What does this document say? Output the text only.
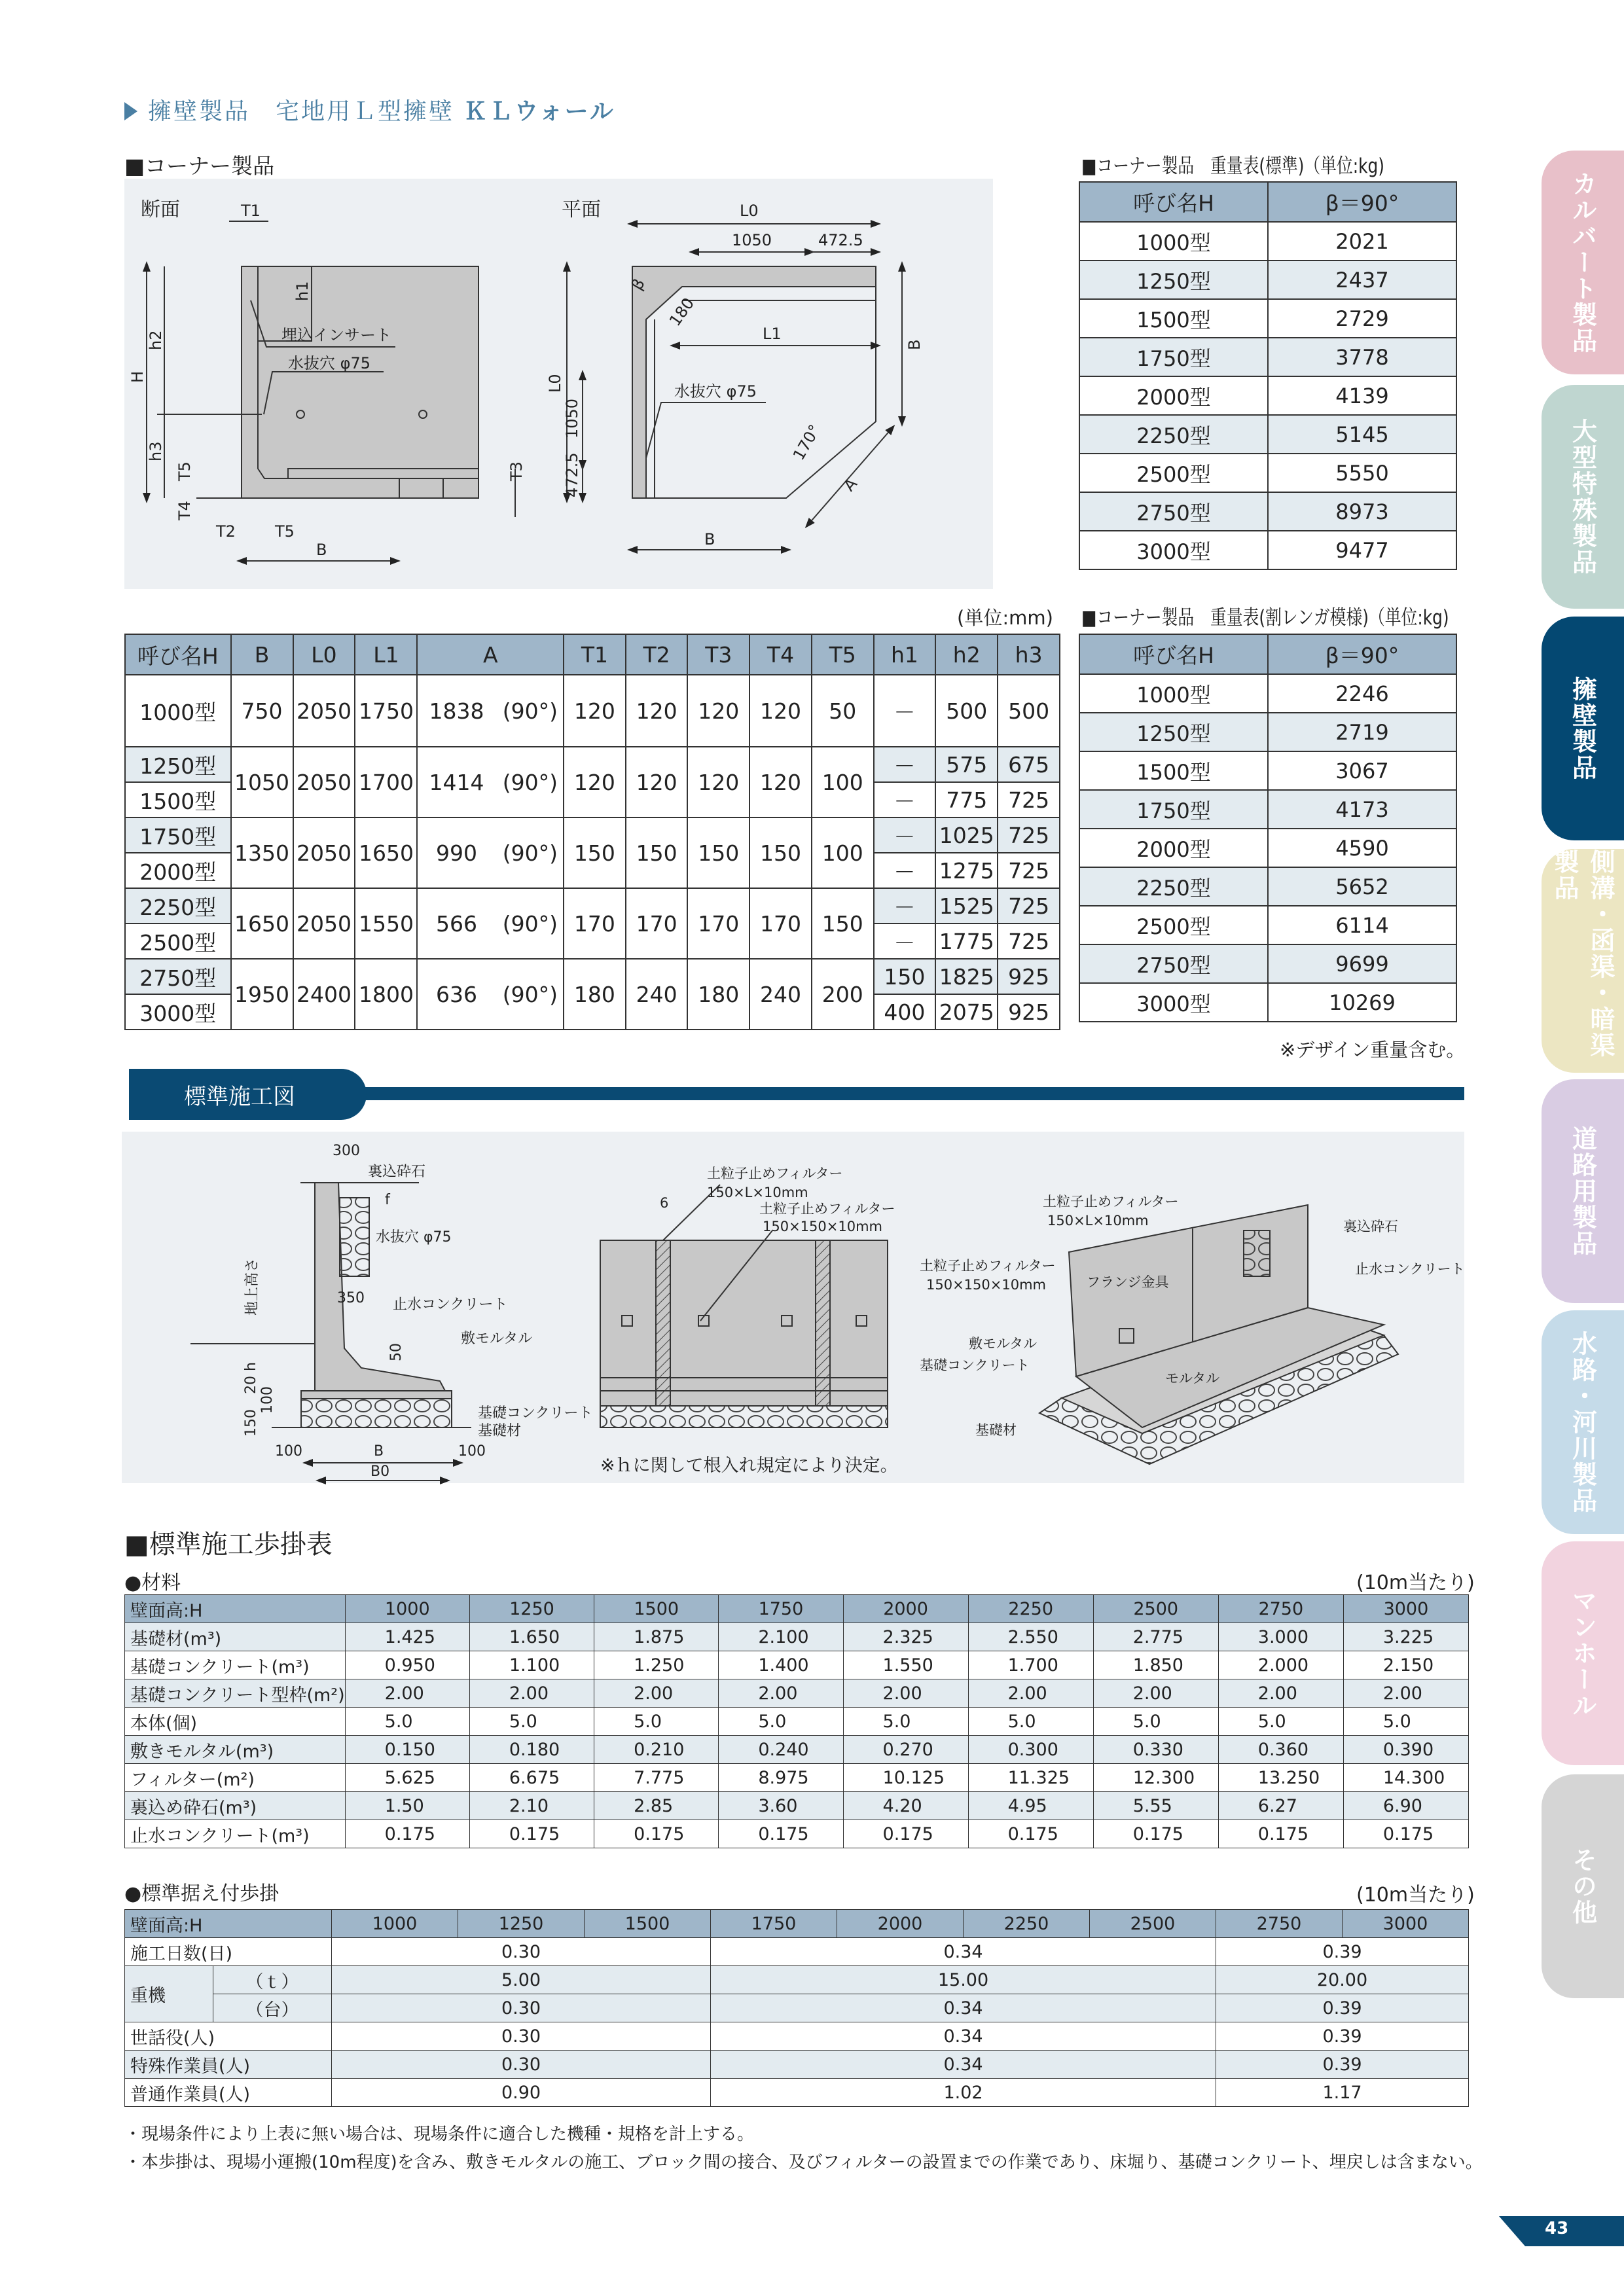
擁壁製品　宅地用Ｌ型擁壁 ＫＬウォール
■コーナー製品	■コーナー製品　重量表(標準)（単位:kg)
呼び名H	β＝90°
1000型	2021
1250型	2437
1500型	2729
1750型	3778
2000型	4139
2250型	5145
2500型	5550
2750型	8973
3000型	9477
(単位:mm) ■コーナー製品　重量表(割レンガ模様)（単位:kg)
呼び名H	B	L0	L1	A	T1	T2	T3	T4	T5	h1	h2	h3
1000型	750	2050	1750	1838 (90°)	120	120	120	120	50	－	500	500
1250型	1050	2050	1700	1414 (90°)	120	120	120	120	100	－	575	675
1500型										－	775	725
1750型	1350	2050	1650	990 (90°)	150	150	150	150	100	－	1025	725
2000型										－	1275	725
2250型	1650	2050	1550	566 (90°)	170	170	170	170	150	－	1525	725
2500型										－	1775	725
2750型	1950	2400	1800	636 (90°)	180	240	180	240	200	150	1825	925
3000型										400	2075	925
呼び名H	β＝90°
1000型	2246
1250型	2719
1500型	3067
1750型	4173
2000型	4590
2250型	5652
2500型	6114
2750型	9699
3000型	10269
※デザイン重量含む。
標準施工図
断面	T1
h1
埋込インサート
水抜穴 φ75
H
h2
h3
T5
T4
T3
T2	T5
B
平面	L0
1050	472.5
L1
B
L0
1050
472.5
水抜穴 φ75
170°
A
B
β
180
300
裏込砕石
水抜穴 φ75
地上高さ	350 止水コンクリート
50
敷モルタル
20 h
100
150	基礎コンクリート
基礎材
100	B	100
B0
f
土粒子止めフィルター
150×L×10mm
6	土粒子止めフィルター
150×150×10mm
※ｈに関して根入れ規定により決定。
土粒子止めフィルター
150×L×10mm	裏込砕石
止水コンクリート
土粒子止めフィルター
150×150×10mm	フランジ金具
敷モルタル
基礎コンクリート
モルタル
基礎材
■標準施工歩掛表
●材料	(10m当たり)
壁面高:H	1000	1250	1500	1750	2000	2250	2500	2750	3000
基礎材(m³)	1.425	1.650	1.875	2.100	2.325	2.550	2.775	3.000	3.225
基礎コンクリート(m³)	0.950	1.100	1.250	1.400	1.550	1.700	1.850	2.000	2.150
基礎コンクリート型枠(m²)	2.00	2.00	2.00	2.00	2.00	2.00	2.00	2.00	2.00
本体(個)	5.0	5.0	5.0	5.0	5.0	5.0	5.0	5.0	5.0
敷きモルタル(m³)	0.150	0.180	0.210	0.240	0.270	0.300	0.330	0.360	0.390
フィルター(m²)	5.625	6.675	7.775	8.975	10.125	11.325	12.300	13.250	14.300
裏込め砕石(m³)	1.50	2.10	2.85	3.60	4.20	4.95	5.55	6.27	6.90
止水コンクリート(m³)	0.175	0.175	0.175	0.175	0.175	0.175	0.175	0.175	0.175
●標準据え付歩掛	(10m当たり)
壁面高:H		1000	1250	1500	1750	2000	2250	2500	2750	3000
施工日数(日)		0.30			0.34				0.39	
重機	（ｔ）	5.00			15.00				20.00	
	（台）	0.30			0.34				0.39	
世話役(人)		0.30			0.34				0.39	
特殊作業員(人)		0.30			0.34				0.39	
普通作業員(人)		0.90			1.02				1.17	
・現場条件により上表に無い場合は、現場条件に適合した機種・規格を計上する。
・本歩掛は、現場小運搬(10m程度)を含み、敷きモルタルの施工、ブロック間の接合、及びフィルターの設置までの作業であり、床堀り、基礎コンクリート、埋戻しは含まない。
カルバート製品
大型特殊製品
擁壁製品
側溝・函渠・暗渠製品
道路用製品
水路・河川製品
マンホール
その他
43
